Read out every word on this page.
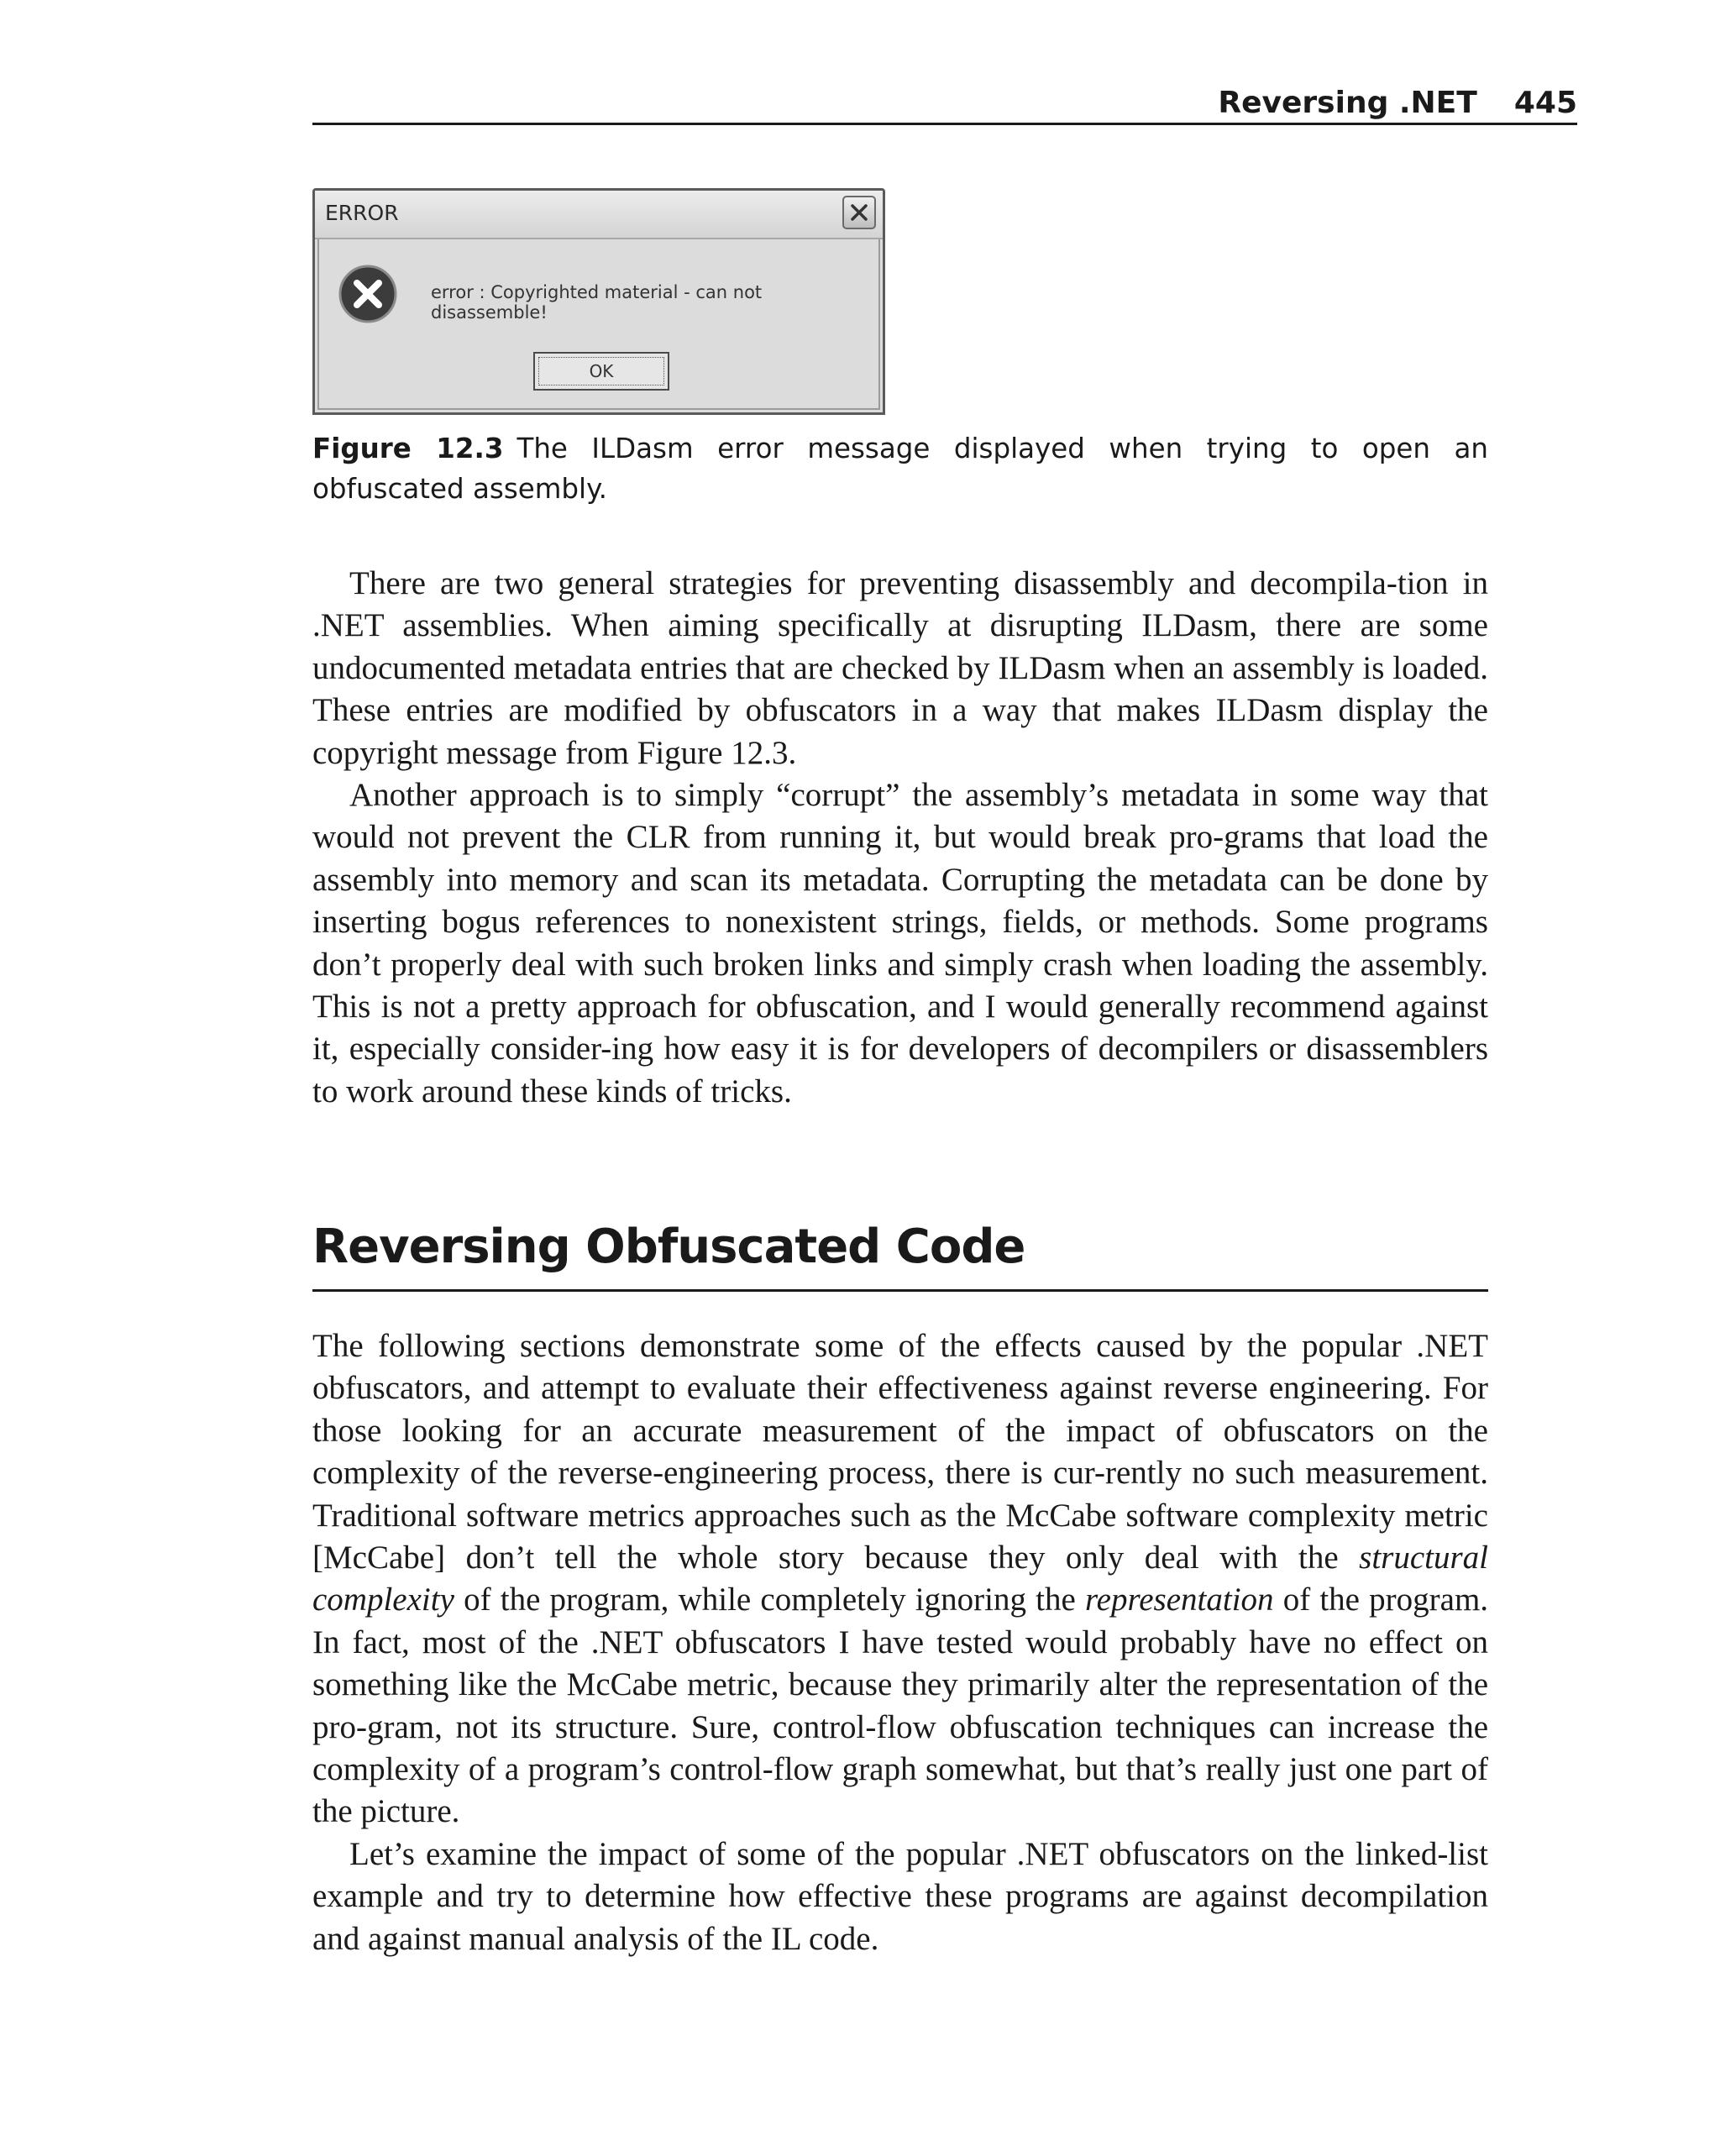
Reversing .NET 445
ERROR
error : Copyrighted material - can not disassemble!
OK
Figure 12.3 The ILDasm error message displayed when trying to open an obfuscated assembly.

There are two general strategies for preventing disassembly and decompila-tion in .NET assemblies. When aiming specifically at disrupting ILDasm, there are some undocumented metadata entries that are checked by ILDasm when an assembly is loaded. These entries are modified by obfuscators in a way that makes ILDasm display the copyright message from Figure 12.3.

Another approach is to simply “corrupt” the assembly’s metadata in some way that would not prevent the CLR from running it, but would break pro-grams that load the assembly into memory and scan its metadata. Corrupting the metadata can be done by inserting bogus references to nonexistent strings, fields, or methods. Some programs don’t properly deal with such broken links and simply crash when loading the assembly. This is not a pretty approach for obfuscation, and I would generally recommend against it, especially consider-ing how easy it is for developers of decompilers or disassemblers to work around these kinds of tricks.

Reversing Obfuscated Code

The following sections demonstrate some of the effects caused by the popular .NET obfuscators, and attempt to evaluate their effectiveness against reverse engineering. For those looking for an accurate measurement of the impact of obfuscators on the complexity of the reverse-engineering process, there is cur-rently no such measurement. Traditional software metrics approaches such as the McCabe software complexity metric [McCabe] don’t tell the whole story because they only deal with the structural complexity of the program, while completely ignoring the representation of the program. In fact, most of the .NET obfuscators I have tested would probably have no effect on something like the McCabe metric, because they primarily alter the representation of the pro-gram, not its structure. Sure, control-flow obfuscation techniques can increase the complexity of a program’s control-flow graph somewhat, but that’s really just one part of the picture.

Let’s examine the impact of some of the popular .NET obfuscators on the linked-list example and try to determine how effective these programs are against decompilation and against manual analysis of the IL code.
